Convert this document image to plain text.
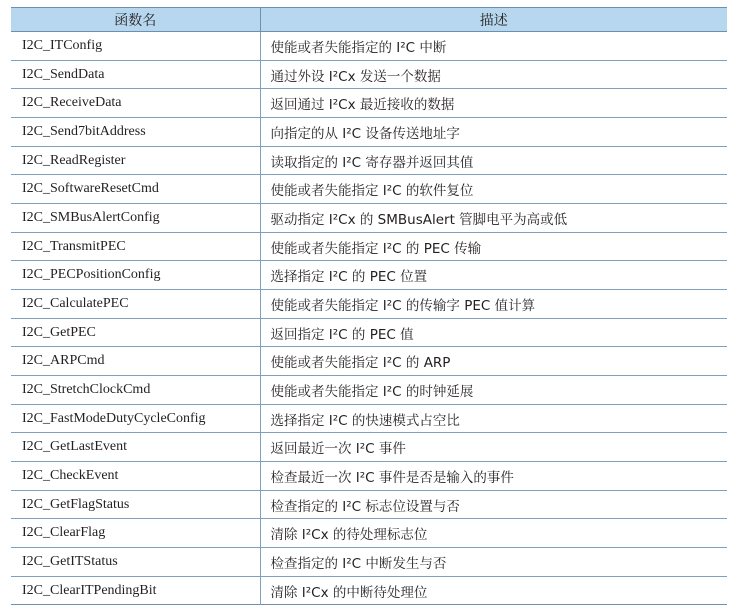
函数名	描述
I2C_ITConfig	使能或者失能指定的 I²C 中断
I2C_SendData	通过外设 I²Cx 发送一个数据
I2C_ReceiveData	返回通过 I²Cx 最近接收的数据
I2C_Send7bitAddress	向指定的从 I²C 设备传送地址字
I2C_ReadRegister	读取指定的 I²C 寄存器并返回其值
I2C_SoftwareResetCmd	使能或者失能指定 I²C 的软件复位
I2C_SMBusAlertConfig	驱动指定 I²Cx 的 SMBusAlert 管脚电平为高或低
I2C_TransmitPEC	使能或者失能指定 I²C 的 PEC 传输
I2C_PECPositionConfig	选择指定 I²C 的 PEC 位置
I2C_CalculatePEC	使能或者失能指定 I²C 的传输字 PEC 值计算
I2C_GetPEC	返回指定 I²C 的 PEC 值
I2C_ARPCmd	使能或者失能指定 I²C 的 ARP
I2C_StretchClockCmd	使能或者失能指定 I²C 的时钟延展
I2C_FastModeDutyCycleConfig	选择指定 I²C 的快速模式占空比
I2C_GetLastEvent	返回最近一次 I²C 事件
I2C_CheckEvent	检查最近一次 I²C 事件是否是输入的事件
I2C_GetFlagStatus	检查指定的 I²C 标志位设置与否
I2C_ClearFlag	清除 I²Cx 的待处理标志位
I2C_GetITStatus	检查指定的 I²C 中断发生与否
I2C_ClearITPendingBit	清除 I²Cx 的中断待处理位
